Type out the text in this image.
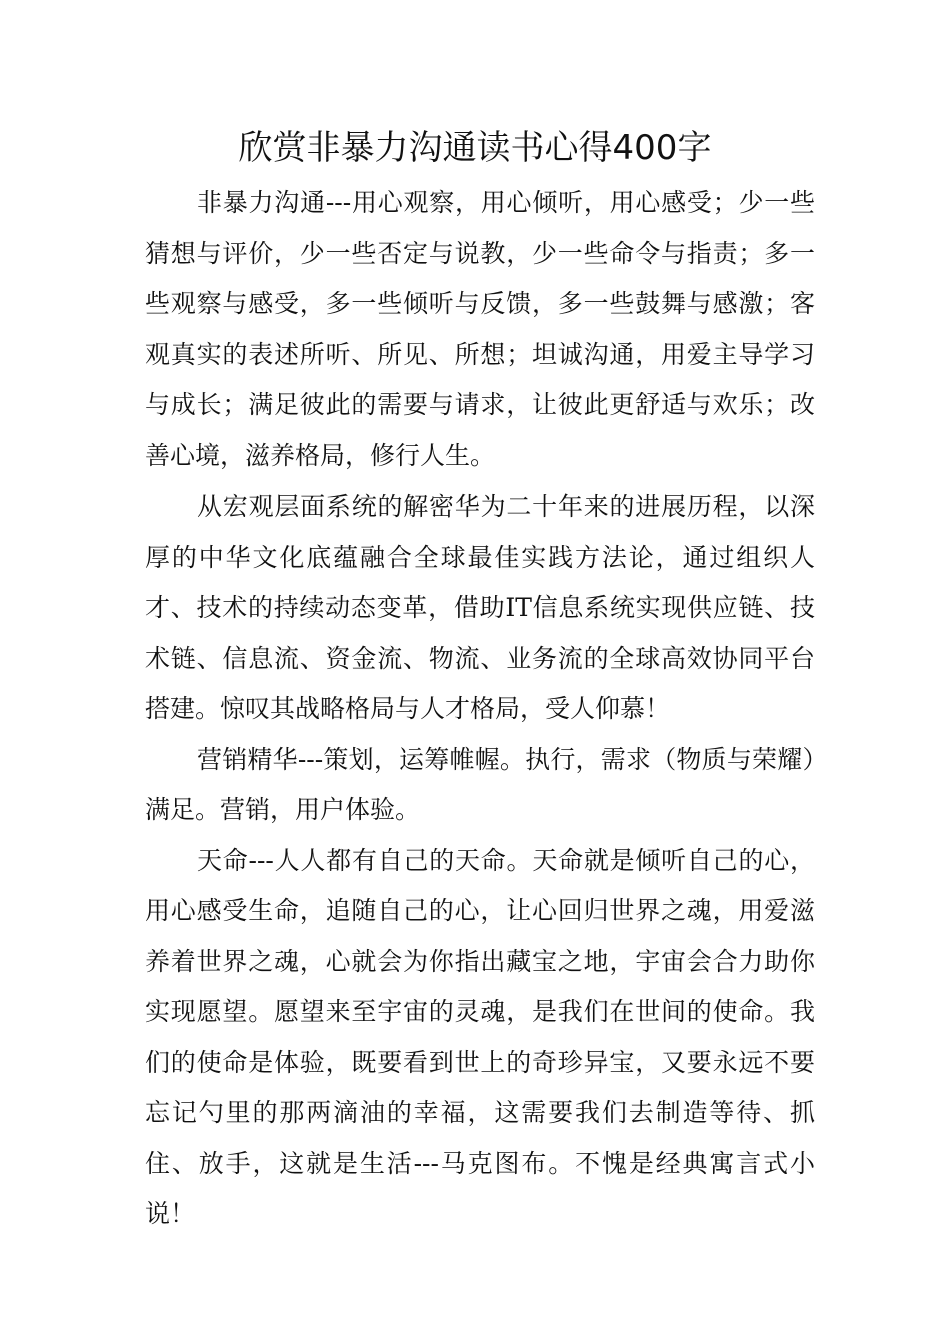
欣赏非暴力沟通读书心得400字

非暴力沟通---用心观察，用心倾听，用心感受；少一些猜想与评价，少一些否定与说教，少一些命令与指责；多一些观察与感受，多一些倾听与反馈，多一些鼓舞与感激；客观真实的表述所听、所见、所想；坦诚沟通，用爱主导学习与成长；满足彼此的需要与请求，让彼此更舒适与欢乐；改善心境，滋养格局，修行人生。

从宏观层面系统的解密华为二十年来的进展历程，以深厚的中华文化底蕴融合全球最佳实践方法论，通过组织人才、技术的持续动态变革，借助IT信息系统实现供应链、技术链、信息流、资金流、物流、业务流的全球高效协同平台搭建。惊叹其战略格局与人才格局，受人仰慕！

营销精华---策划，运筹帷幄。执行，需求（物质与荣耀）满足。营销，用户体验。

天命---人人都有自己的天命。天命就是倾听自己的心，用心感受生命，追随自己的心，让心回归世界之魂，用爱滋养着世界之魂，心就会为你指出藏宝之地，宇宙会合力助你实现愿望。愿望来至宇宙的灵魂，是我们在世间的使命。我们的使命是体验，既要看到世上的奇珍异宝，又要永远不要忘记勺里的那两滴油的幸福，这需要我们去制造等待、抓住、放手，这就是生活---马克图布。不愧是经典寓言式小说！
